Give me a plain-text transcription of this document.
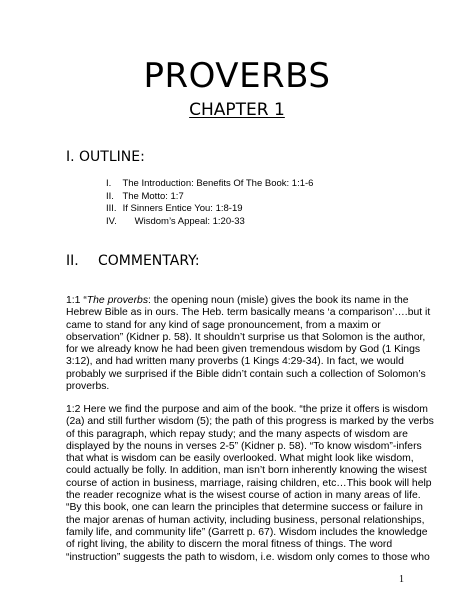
PROVERBS
CHAPTER 1
I. OUTLINE:
I. The Introduction: Benefits Of The Book: 1:1-6
II. The Motto: 1:7
III. If Sinners Entice You: 1:8-19
IV. Wisdom’s Appeal: 1:20-33
II. COMMENTARY:
1:1 “The proverbs: the opening noun (misle) gives the book its name in the
Hebrew Bible as in ours. The Heb. term basically means ‘a comparison’….but it
came to stand for any kind of sage pronouncement, from a maxim or
observation” (Kidner p. 58). It shouldn’t surprise us that Solomon is the author,
for we already know he had been given tremendous wisdom by God (1 Kings
3:12), and had written many proverbs (1 Kings 4:29-34). In fact, we would
probably we surprised if the Bible didn’t contain such a collection of Solomon’s
proverbs.
1:2 Here we find the purpose and aim of the book. “the prize it offers is wisdom
(2a) and still further wisdom (5); the path of this progress is marked by the verbs
of this paragraph, which repay study; and the many aspects of wisdom are
displayed by the nouns in verses 2-5” (Kidner p. 58). “To know wisdom”-infers
that what is wisdom can be easily overlooked. What might look like wisdom,
could actually be folly. In addition, man isn’t born inherently knowing the wisest
course of action in business, marriage, raising children, etc…This book will help
the reader recognize what is the wisest course of action in many areas of life.
“By this book, one can learn the principles that determine success or failure in
the major arenas of human activity, including business, personal relationships,
family life, and community life” (Garrett p. 67). Wisdom includes the knowledge
of right living, the ability to discern the moral fitness of things. The word
“instruction” suggests the path to wisdom, i.e. wisdom only comes to those who
1
